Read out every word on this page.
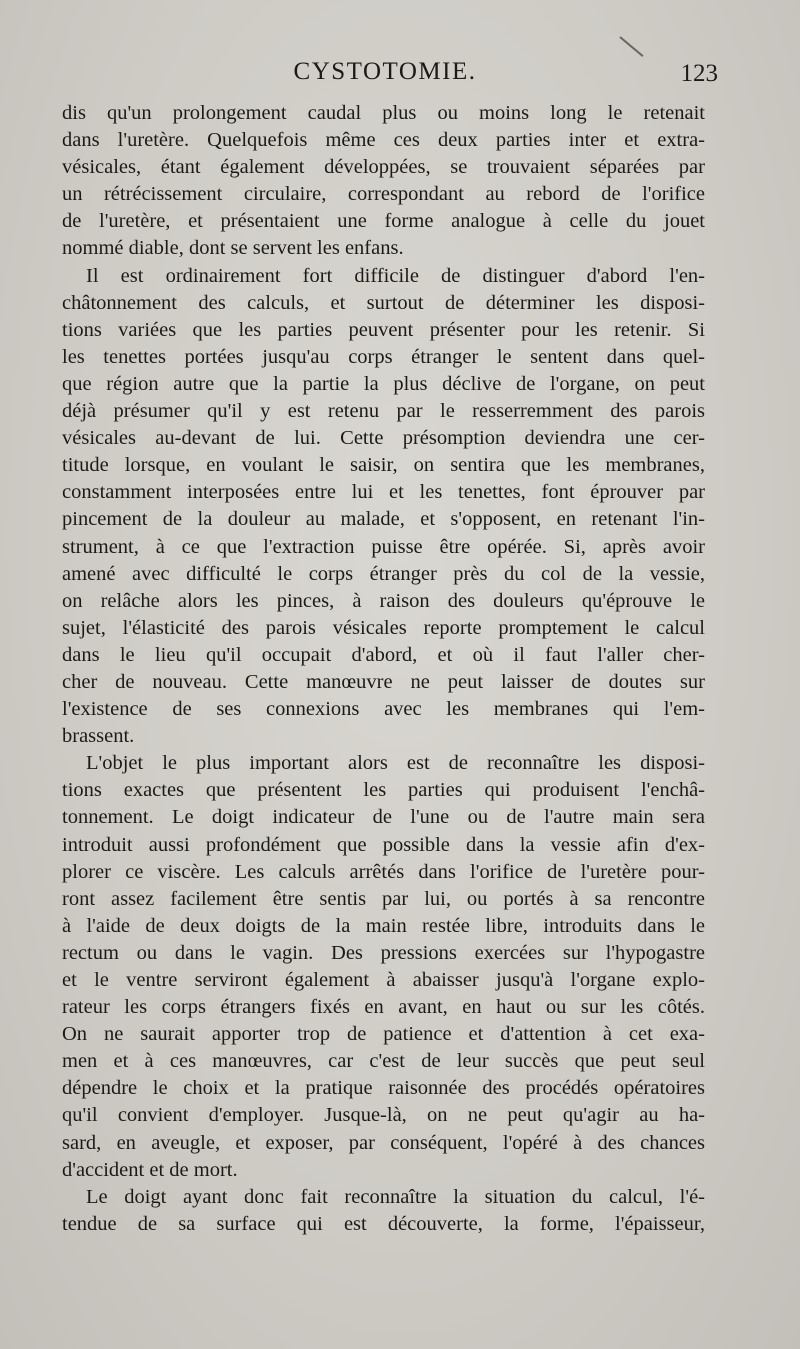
CYSTOTOMIE.	123
dis qu'un prolongement caudal plus ou moins long le retenait
dans l'uretère. Quelquefois même ces deux parties inter et extra-
vésicales, étant également développées, se trouvaient séparées par
un rétrécissement circulaire, correspondant au rebord de l'orifice
de l'uretère, et présentaient une forme analogue à celle du jouet
nommé diable, dont se servent les enfans.
Il est ordinairement fort difficile de distinguer d'abord l'en-
châtonnement des calculs, et surtout de déterminer les disposi-
tions variées que les parties peuvent présenter pour les retenir. Si
les tenettes portées jusqu'au corps étranger le sentent dans quel-
que région autre que la partie la plus déclive de l'organe, on peut
déjà présumer qu'il y est retenu par le resserremment des parois
vésicales au-devant de lui. Cette présomption deviendra une cer-
titude lorsque, en voulant le saisir, on sentira que les membranes,
constamment interposées entre lui et les tenettes, font éprouver par
pincement de la douleur au malade, et s'opposent, en retenant l'in-
strument, à ce que l'extraction puisse être opérée. Si, après avoir
amené avec difficulté le corps étranger près du col de la vessie,
on relâche alors les pinces, à raison des douleurs qu'éprouve le
sujet, l'élasticité des parois vésicales reporte promptement le calcul
dans le lieu qu'il occupait d'abord, et où il faut l'aller cher-
cher de nouveau. Cette manœuvre ne peut laisser de doutes sur
l'existence de ses connexions avec les membranes qui l'em-
brassent.
L'objet le plus important alors est de reconnaître les disposi-
tions exactes que présentent les parties qui produisent l'enchâ-
tonnement. Le doigt indicateur de l'une ou de l'autre main sera
introduit aussi profondément que possible dans la vessie afin d'ex-
plorer ce viscère. Les calculs arrêtés dans l'orifice de l'uretère pour-
ront assez facilement être sentis par lui, ou portés à sa rencontre
à l'aide de deux doigts de la main restée libre, introduits dans le
rectum ou dans le vagin. Des pressions exercées sur l'hypogastre
et le ventre serviront également à abaisser jusqu'à l'organe explo-
rateur les corps étrangers fixés en avant, en haut ou sur les côtés.
On ne saurait apporter trop de patience et d'attention à cet exa-
men et à ces manœuvres, car c'est de leur succès que peut seul
dépendre le choix et la pratique raisonnée des procédés opératoires
qu'il convient d'employer. Jusque-là, on ne peut qu'agir au ha-
sard, en aveugle, et exposer, par conséquent, l'opéré à des chances
d'accident et de mort.
Le doigt ayant donc fait reconnaître la situation du calcul, l'é-
tendue de sa surface qui est découverte, la forme, l'épaisseur,
